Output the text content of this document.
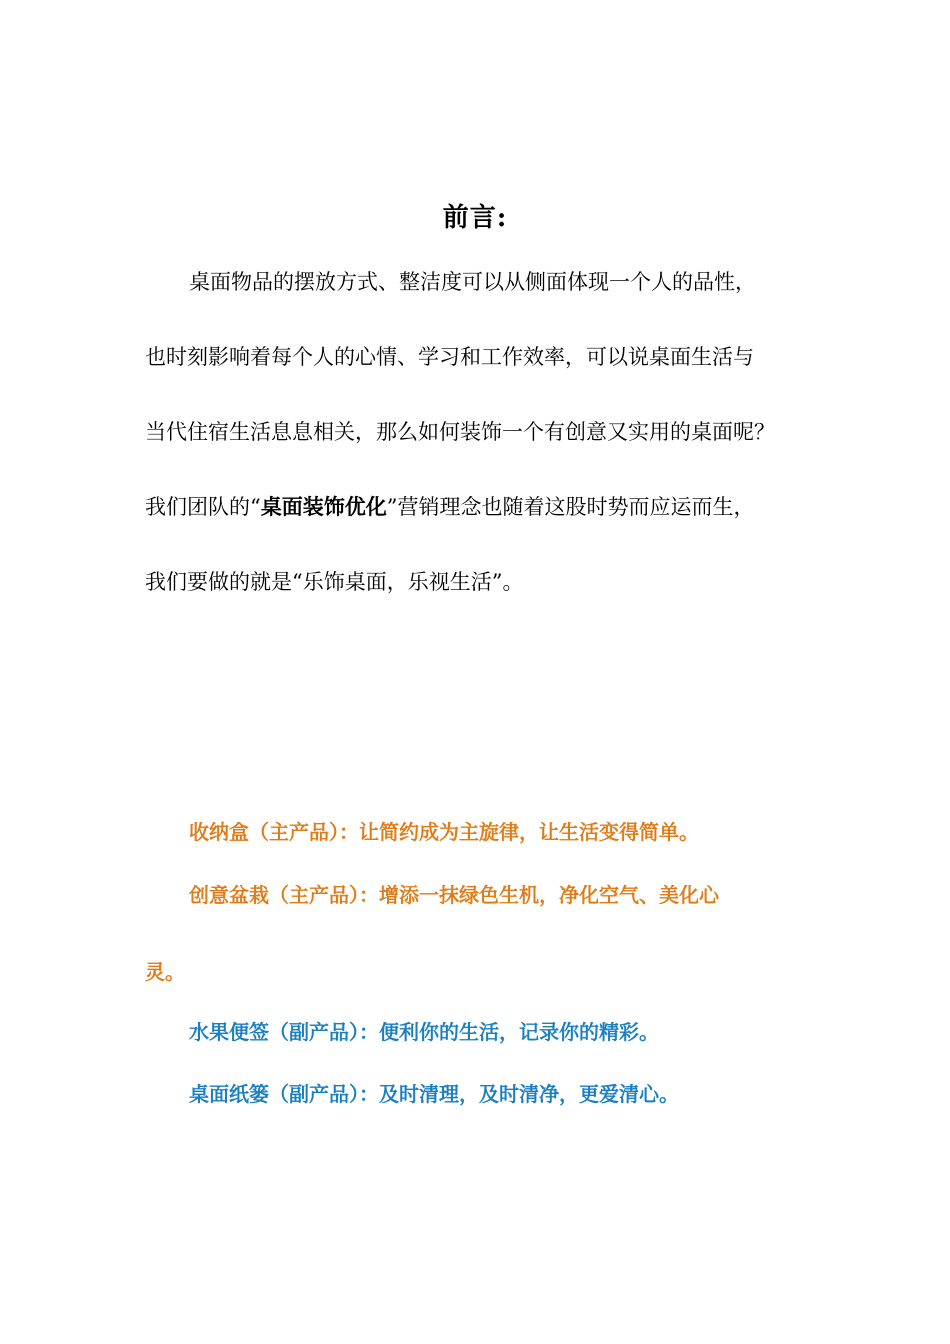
前言:
桌面物品的摆放方式、整洁度可以从侧面体现一个人的品性，
也时刻影响着每个人的心情、学习和工作效率，可以说桌面生活与
当代住宿生活息息相关，那么如何装饰一个有创意又实用的桌面呢？
我们团队的“桌面装饰优化”营销理念也随着这股时势而应运而生，
我们要做的就是“乐饰桌面，乐视生活”。
收纳盒（主产品）：让简约成为主旋律，让生活变得简单。
创意盆栽（主产品）：增添一抹绿色生机，净化空气、美化心
灵。
水果便签（副产品）：便利你的生活，记录你的精彩。
桌面纸篓（副产品）：及时清理，及时清净，更爱清心。
